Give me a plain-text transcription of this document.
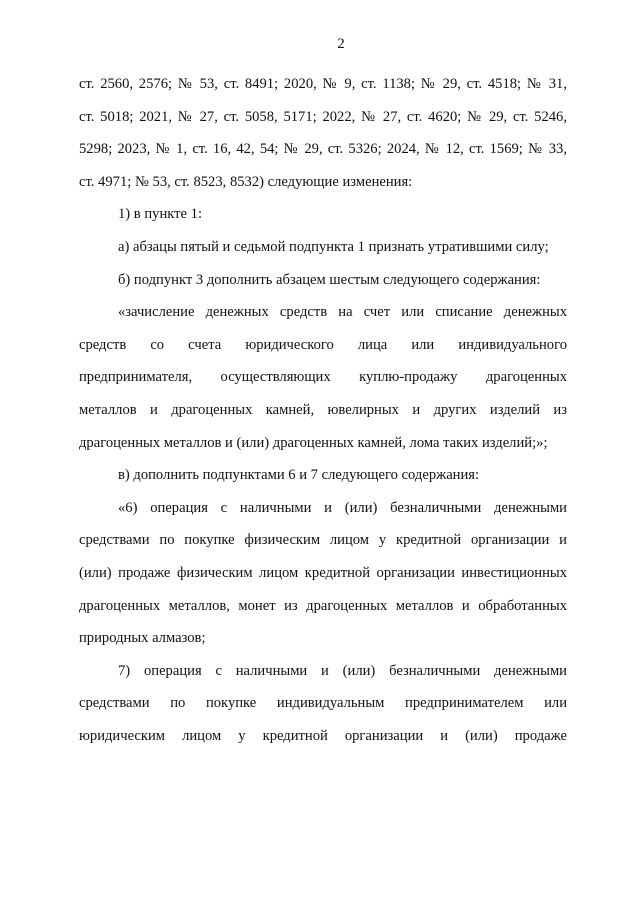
2
ст. 2560, 2576; № 53, ст. 8491; 2020, № 9, ст. 1138; № 29, ст. 4518; № 31,
ст. 5018; 2021, № 27, ст. 5058, 5171; 2022, № 27, ст. 4620; № 29, ст. 5246,
5298; 2023, № 1, ст. 16, 42, 54; № 29, ст. 5326; 2024, № 12, ст. 1569; № 33,
ст. 4971; № 53, ст. 8523, 8532) следующие изменения:
1) в пункте 1:
а) абзацы пятый и седьмой подпункта 1 признать утратившими силу;
б) подпункт 3 дополнить абзацем шестым следующего содержания:
«зачисление денежных средств на счет или списание денежных
средств со счета юридического лица или индивидуального
предпринимателя, осуществляющих куплю-продажу драгоценных
металлов и драгоценных камней, ювелирных и других изделий из
драгоценных металлов и (или) драгоценных камней, лома таких изделий;»;
в) дополнить подпунктами 6 и 7 следующего содержания:
«6) операция с наличными и (или) безналичными денежными
средствами по покупке физическим лицом у кредитной организации и
(или) продаже физическим лицом кредитной организации инвестиционных
драгоценных металлов, монет из драгоценных металлов и обработанных
природных алмазов;
7) операция с наличными и (или) безналичными денежными
средствами по покупке индивидуальным предпринимателем или
юридическим лицом у кредитной организации и (или) продаже
